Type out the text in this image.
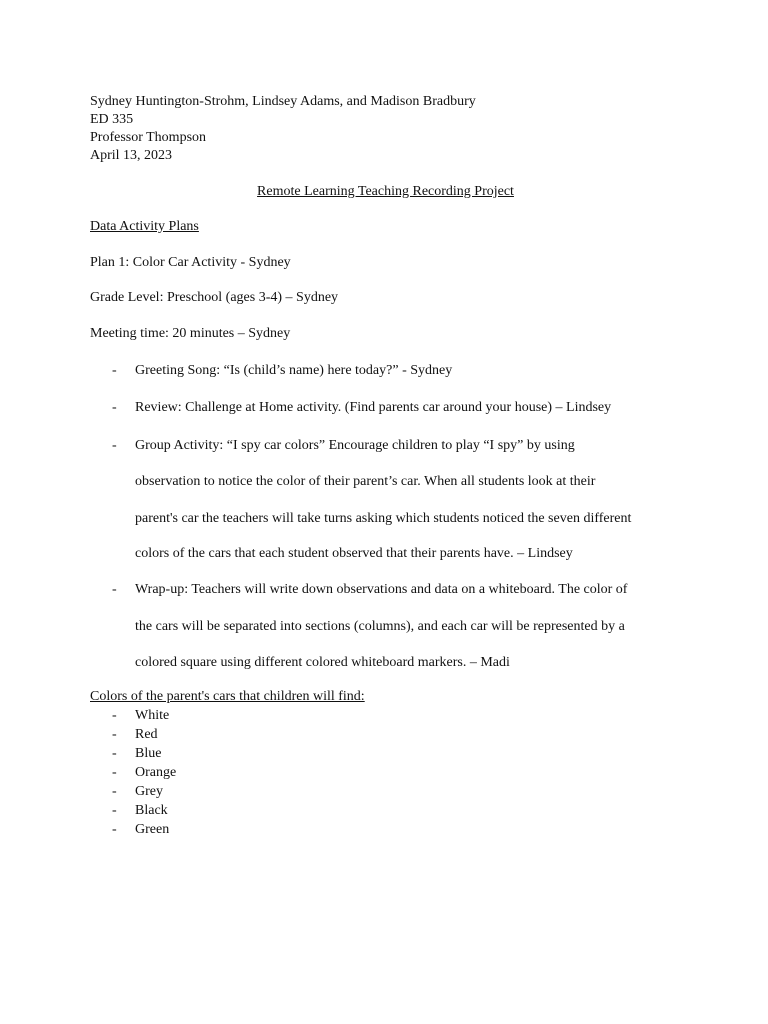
Sydney Huntington-Strohm, Lindsey Adams, and Madison Bradbury
ED 335
Professor Thompson
April 13, 2023
Remote Learning Teaching Recording Project
Data Activity Plans
Plan 1: Color Car Activity - Sydney
Grade Level: Preschool (ages 3-4) – Sydney
Meeting time: 20 minutes – Sydney
- Greeting Song: “Is (child’s name) here today?” - Sydney
- Review: Challenge at Home activity. (Find parents car around your house) – Lindsey
- Group Activity: “I spy car colors” Encourage children to play “I spy” by using
observation to notice the color of their parent’s car. When all students look at their
parent's car the teachers will take turns asking which students noticed the seven different
colors of the cars that each student observed that their parents have. – Lindsey
- Wrap-up: Teachers will write down observations and data on a whiteboard. The color of
the cars will be separated into sections (columns), and each car will be represented by a
colored square using different colored whiteboard markers. – Madi
Colors of the parent's cars that children will find:
- White
- Red
- Blue
- Orange
- Grey
- Black
- Green
